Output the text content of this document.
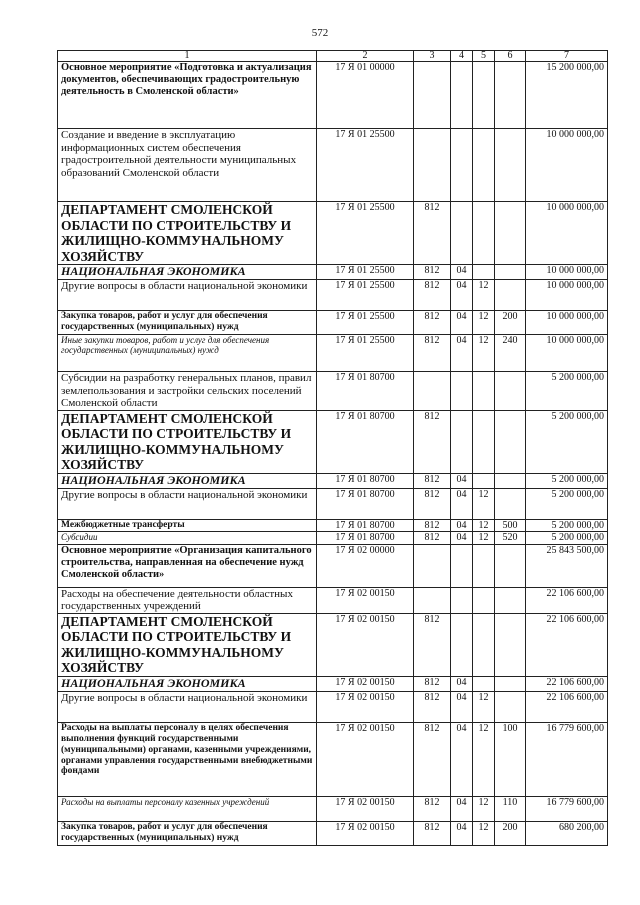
572
1	2	3	4	5	6	7
Основное мероприятие «Подготовка и актуализация документов, обеспечивающих градостроительную деятельность в Смоленской области»	17 Я 01 00000					15 200 000,00
Создание и введение в эксплуатацию информационных систем обеспечения градостроительной деятельности муниципальных образований Смоленской области	17 Я 01 25500					10 000 000,00
ДЕПАРТАМЕНТ СМОЛЕНСКОЙ ОБЛАСТИ ПО СТРОИТЕЛЬСТВУ И ЖИЛИЩНО-КОММУНАЛЬНОМУ ХОЗЯЙСТВУ	17 Я 01 25500	812				10 000 000,00
НАЦИОНАЛЬНАЯ ЭКОНОМИКА	17 Я 01 25500	812	04			10 000 000,00
Другие вопросы в области национальной экономики	17 Я 01 25500	812	04	12		10 000 000,00
Закупка товаров, работ и услуг для обеспечения государственных (муниципальных) нужд	17 Я 01 25500	812	04	12	200	10 000 000,00
Иные закупки товаров, работ и услуг для обеспечения государственных (муниципальных) нужд	17 Я 01 25500	812	04	12	240	10 000 000,00
Субсидии на разработку генеральных планов, правил землепользования и застройки сельских поселений Смоленской области	17 Я 01 80700					5 200 000,00
ДЕПАРТАМЕНТ СМОЛЕНСКОЙ ОБЛАСТИ ПО СТРОИТЕЛЬСТВУ И ЖИЛИЩНО-КОММУНАЛЬНОМУ ХОЗЯЙСТВУ	17 Я 01 80700	812				5 200 000,00
НАЦИОНАЛЬНАЯ ЭКОНОМИКА	17 Я 01 80700	812	04			5 200 000,00
Другие вопросы в области национальной экономики	17 Я 01 80700	812	04	12		5 200 000,00
Межбюджетные трансферты	17 Я 01 80700	812	04	12	500	5 200 000,00
Субсидии	17 Я 01 80700	812	04	12	520	5 200 000,00
Основное мероприятие «Организация капитального строительства, направленная на обеспечение нужд Смоленской области»	17 Я 02 00000					25 843 500,00
Расходы на обеспечение деятельности областных государственных учреждений	17 Я 02 00150					22 106 600,00
ДЕПАРТАМЕНТ СМОЛЕНСКОЙ ОБЛАСТИ ПО СТРОИТЕЛЬСТВУ И ЖИЛИЩНО-КОММУНАЛЬНОМУ ХОЗЯЙСТВУ	17 Я 02 00150	812				22 106 600,00
НАЦИОНАЛЬНАЯ ЭКОНОМИКА	17 Я 02 00150	812	04			22 106 600,00
Другие вопросы в области национальной экономики	17 Я 02 00150	812	04	12		22 106 600,00
Расходы на выплаты персоналу в целях обеспечения выполнения функций государственными (муниципальными) органами, казенными учреждениями, органами управления государственными внебюджетными фондами	17 Я 02 00150	812	04	12	100	16 779 600,00
Расходы на выплаты персоналу казенных учреждений	17 Я 02 00150	812	04	12	110	16 779 600,00
Закупка товаров, работ и услуг для обеспечения государственных (муниципальных) нужд	17 Я 02 00150	812	04	12	200	680 200,00
